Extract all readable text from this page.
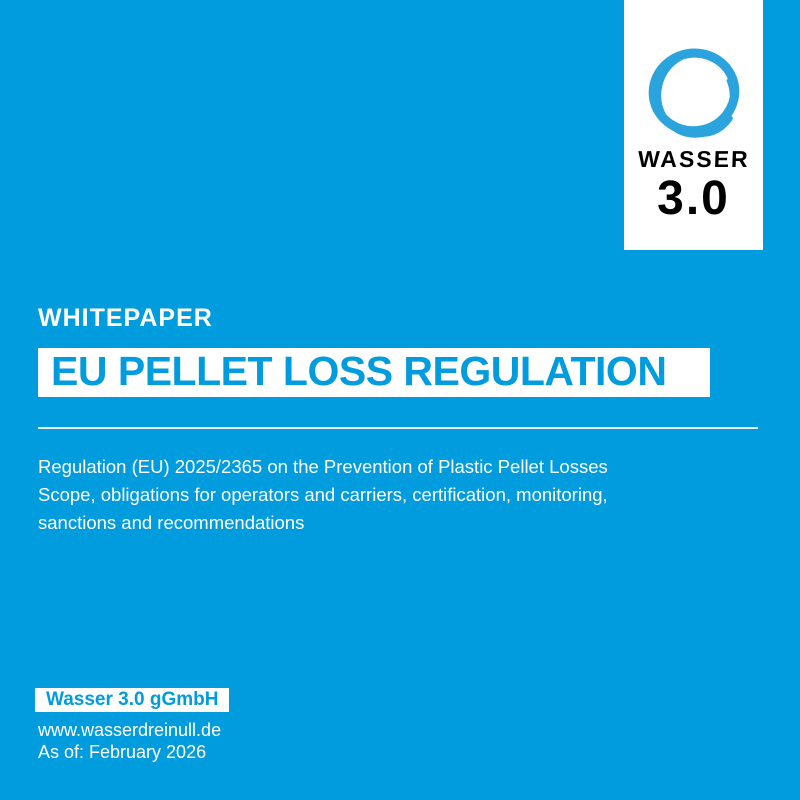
WASSER
3.0
WHITEPAPER
EU PELLET LOSS REGULATION
Regulation (EU) 2025/2365 on the Prevention of Plastic Pellet Losses
Scope, obligations for operators and carriers, certification, monitoring,
sanctions and recommendations
Wasser 3.0 gGmbH
www.wasserdreinull.de
As of: February 2026
